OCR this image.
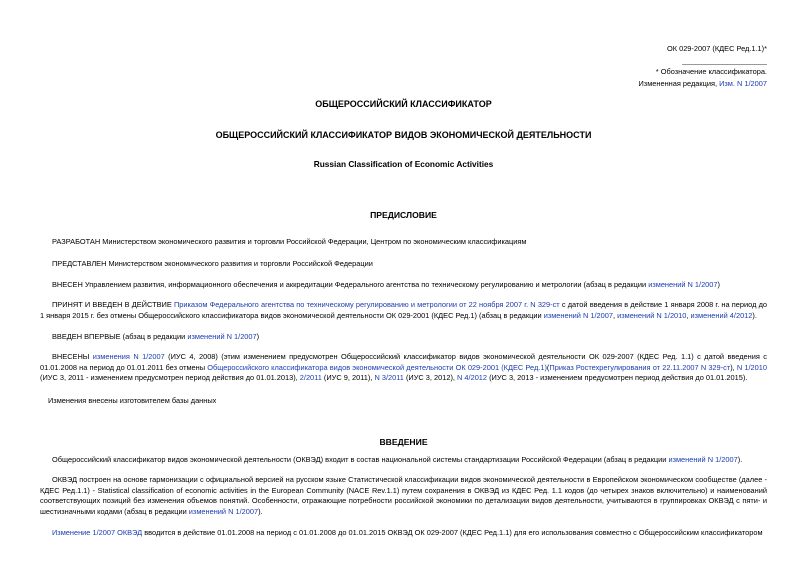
ОК 029-2007 (КДЕС Ред.1.1)*
* Обозначение классификатора.
Измененная редакция, Изм. N 1/2007
ОБЩЕРОССИЙСКИЙ КЛАССИФИКАТОР
ОБЩЕРОССИЙСКИЙ КЛАССИФИКАТОР ВИДОВ ЭКОНОМИЧЕСКОЙ ДЕЯТЕЛЬНОСТИ
Russian Classification of Economic Activities
ПРЕДИСЛОВИЕ
РАЗРАБОТАН Министерством экономического развития и торговли Российской Федерации, Центром по экономическим классификациям
ПРЕДСТАВЛЕН Министерством экономического развития и торговли Российской Федерации
ВНЕСЕН Управлением развития, информационного обеспечения и аккредитации Федерального агентства по техническому регулированию и метрологии (абзац в редакции изменений N 1/2007)
ПРИНЯТ И ВВЕДЕН В ДЕЙСТВИЕ Приказом Федерального агентства по техническому регулированию и метрологии от 22 ноября 2007 г. N 329-ст с датой введения в действие 1 января 2008 г. на период до 1 января 2015 г. без отмены Общероссийского классификатора видов экономической деятельности ОК 029-2001 (КДЕС Ред.1) (абзац в редакции изменений N 1/2007, изменений N 1/2010, изменений 4/2012).
ВВЕДЕН ВПЕРВЫЕ (абзац в редакции изменений N 1/2007)
ВНЕСЕНЫ изменения N 1/2007 (ИУС 4, 2008) (этим изменением предусмотрен Общероссийский классификатор видов экономической деятельности ОК 029-2007 (КДЕС Ред. 1.1) с датой введения с 01.01.2008 на период до 01.01.2011 без отмены Общероссийского классификатора видов экономической деятельности ОК 029-2001 (КДЕС Ред.1)(Приказ Ростехрегулирования от 22.11.2007 N 329-ст), N 1/2010 (ИУС 3, 2011 - изменением предусмотрен период действия до 01.01.2013), 2/2011 (ИУС 9, 2011), N 3/2011 (ИУС 3, 2012), N 4/2012 (ИУС 3, 2013 - изменением предусмотрен период действия до 01.01.2015).
Изменения внесены изготовителем базы данных
ВВЕДЕНИЕ
Общероссийский классификатор видов экономической деятельности (ОКВЭД) входит в состав национальной системы стандартизации Российской Федерации (абзац в редакции изменений N 1/2007).
ОКВЭД построен на основе гармонизации с официальной версией на русском языке Статистической классификации видов экономической деятельности в Европейском экономическом сообществе (далее - КДЕС Ред.1.1) - Statistical classification of economic activities in the European Community (NACE Rev.1.1) путем сохранения в ОКВЭД из КДЕС Ред. 1.1 кодов (до четырех знаков включительно) и наименований соответствующих позиций без изменения объемов понятий. Особенности, отражающие потребности российской экономики по детализации видов деятельности, учитываются в группировках ОКВЭД с пяти- и шестизначными кодами (абзац в редакции изменений N 1/2007).
Изменение 1/2007 ОКВЭД вводится в действие 01.01.2008 на период с 01.01.2008 до 01.01.2015 ОКВЭД ОК 029-2007 (КДЕС Ред.1.1) для его использования совместно с Общероссийским классификатором
